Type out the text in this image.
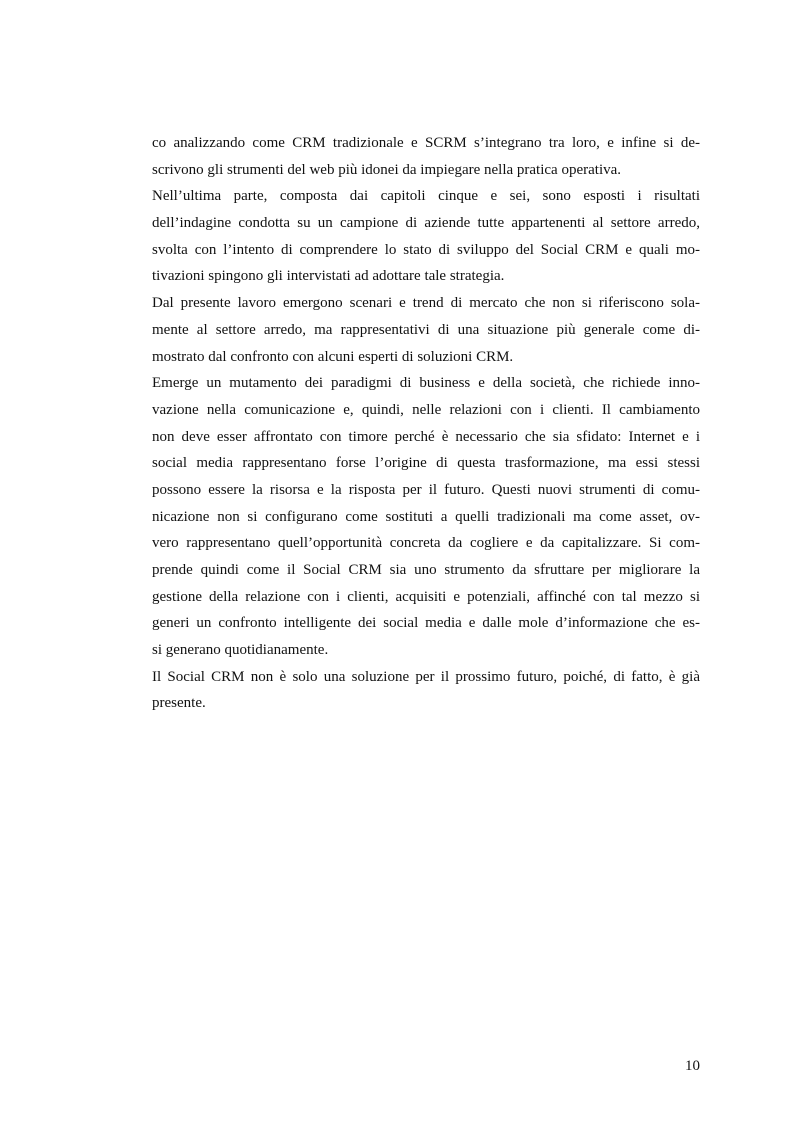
co analizzando come CRM tradizionale e SCRM s’integrano tra loro, e infine si de-
scrivono gli strumenti del web più idonei da impiegare nella pratica operativa.
Nell’ultima parte, composta dai capitoli cinque e sei, sono esposti i risultati
dell’indagine condotta su un campione di aziende tutte appartenenti al settore arredo,
svolta con l’intento di comprendere lo stato di sviluppo del Social CRM e quali mo-
tivazioni spingono gli intervistati ad adottare tale strategia.
Dal presente lavoro emergono scenari e trend di mercato che non si riferiscono sola-
mente al settore arredo, ma rappresentativi di una situazione più generale come di-
mostrato dal confronto con alcuni esperti di soluzioni CRM.
Emerge un mutamento dei paradigmi di business e della società, che richiede inno-
vazione nella comunicazione e, quindi, nelle relazioni con i clienti. Il cambiamento
non deve esser affrontato con timore perché è necessario che sia sfidato: Internet e i
social media rappresentano forse l’origine di questa trasformazione, ma essi stessi
possono essere la risorsa e la risposta per il futuro. Questi nuovi strumenti di comu-
nicazione non si configurano come sostituti a quelli tradizionali ma come asset, ov-
vero rappresentano quell’opportunità concreta da cogliere e da capitalizzare. Si com-
prende quindi come il Social CRM sia uno strumento da sfruttare per migliorare la
gestione della relazione con i clienti, acquisiti e potenziali, affinché con tal mezzo si
generi un confronto intelligente dei social media e dalle mole d’informazione che es-
si generano quotidianamente.
Il Social CRM non è solo una soluzione per il prossimo futuro, poiché, di fatto, è già
presente.
10
